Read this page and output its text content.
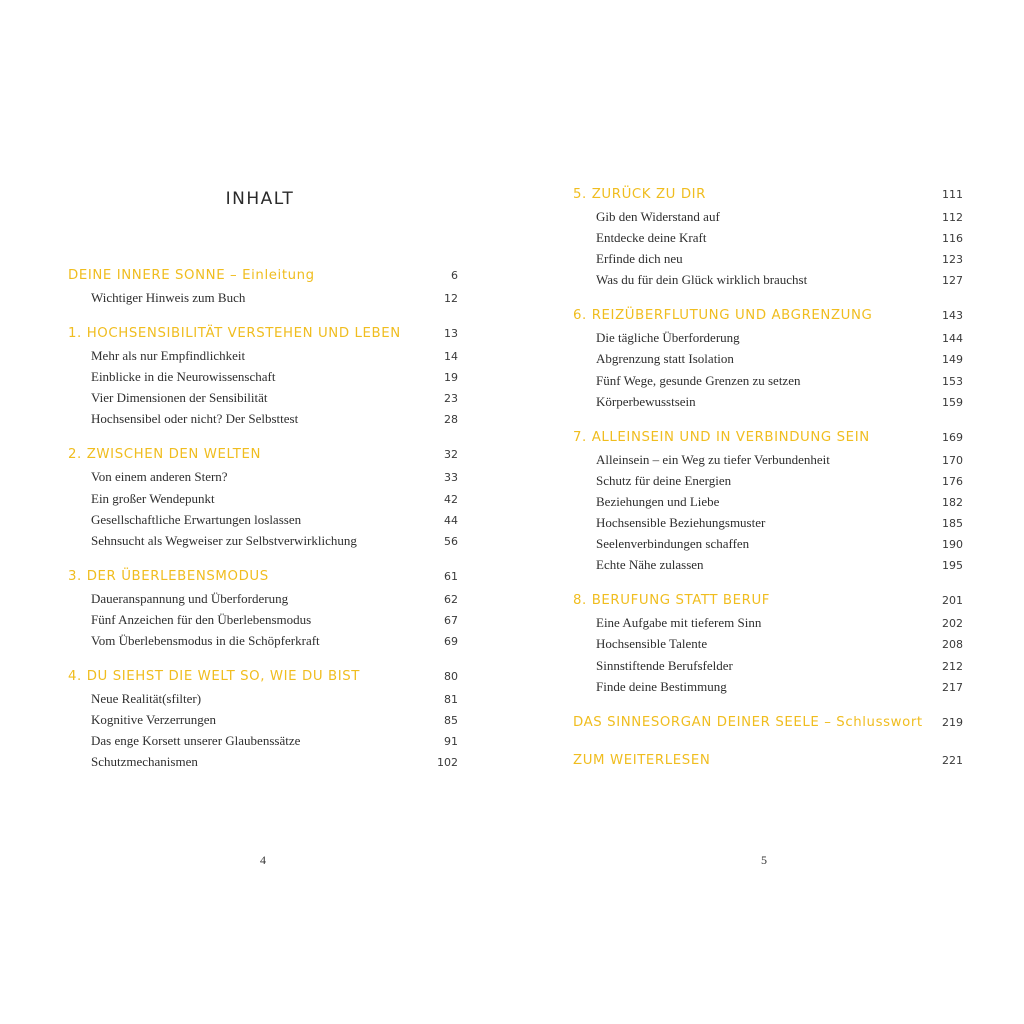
INHALT
DEINE INNERE SONNE – Einleitung	6
Wichtiger Hinweis zum Buch	12
1. HOCHSENSIBILITÄT VERSTEHEN UND LEBEN	13
Mehr als nur Empfindlichkeit	14
Einblicke in die Neurowissenschaft	19
Vier Dimensionen der Sensibilität	23
Hochsensibel oder nicht? Der Selbsttest	28
2. ZWISCHEN DEN WELTEN	32
Von einem anderen Stern?	33
Ein großer Wendepunkt	42
Gesellschaftliche Erwartungen loslassen	44
Sehnsucht als Wegweiser zur Selbstverwirklichung	56
3. DER ÜBERLEBENSMODUS	61
Daueranspannung und Überforderung	62
Fünf Anzeichen für den Überlebensmodus	67
Vom Überlebensmodus in die Schöpferkraft	69
4. DU SIEHST DIE WELT SO, WIE DU BIST	80
Neue Realität(sfilter)	81
Kognitive Verzerrungen	85
Das enge Korsett unserer Glaubenssätze	91
Schutzmechanismen	102
4
5. ZURÜCK ZU DIR	111
Gib den Widerstand auf	112
Entdecke deine Kraft	116
Erfinde dich neu	123
Was du für dein Glück wirklich brauchst	127
6. REIZÜBERFLUTUNG UND ABGRENZUNG	143
Die tägliche Überforderung	144
Abgrenzung statt Isolation	149
Fünf Wege, gesunde Grenzen zu setzen	153
Körperbewusstsein	159
7. ALLEINSEIN UND IN VERBINDUNG SEIN	169
Alleinsein – ein Weg zu tiefer Verbundenheit	170
Schutz für deine Energien	176
Beziehungen und Liebe	182
Hochsensible Beziehungsmuster	185
Seelenverbindungen schaffen	190
Echte Nähe zulassen	195
8. BERUFUNG STATT BERUF	201
Eine Aufgabe mit tieferem Sinn	202
Hochsensible Talente	208
Sinnstiftende Berufsfelder	212
Finde deine Bestimmung	217
DAS SINNESORGAN DEINER SEELE – Schlusswort	219
ZUM WEITERLESEN	221
5
